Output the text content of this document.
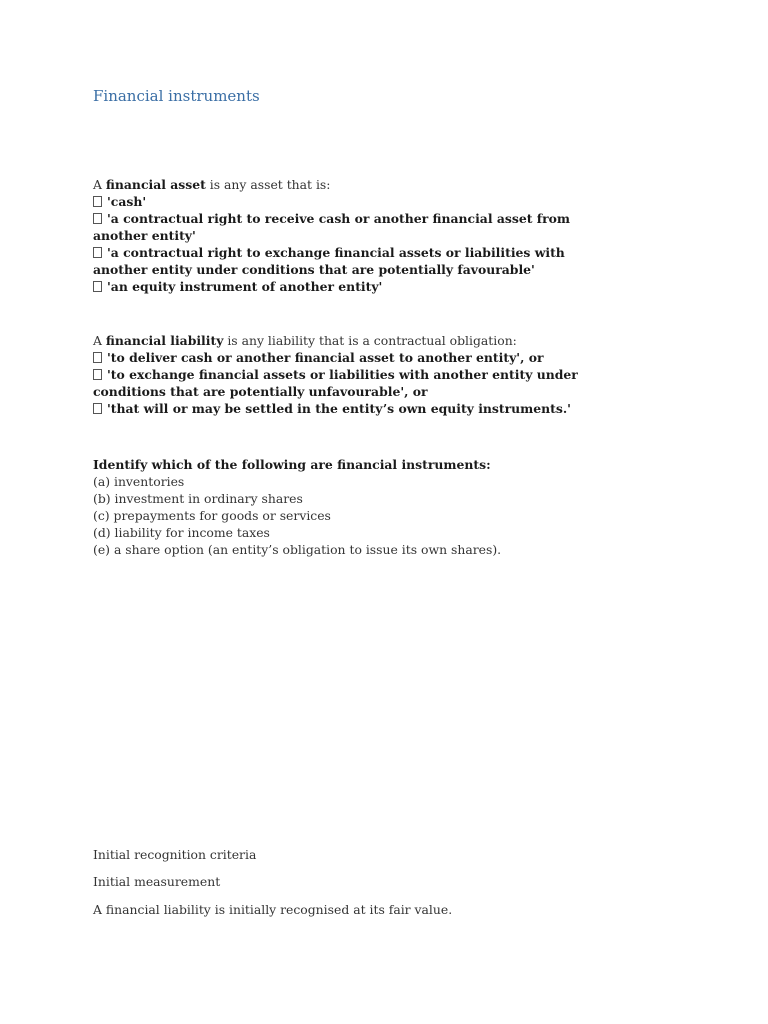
Financial instruments
A financial asset is any asset that is:
'cash'
'a contractual right to receive cash or another financial asset from
another entity'
'a contractual right to exchange financial assets or liabilities with
another entity under conditions that are potentially favourable'
'an equity instrument of another entity'
A financial liability is any liability that is a contractual obligation:
'to deliver cash or another financial asset to another entity', or
'to exchange financial assets or liabilities with another entity under
conditions that are potentially unfavourable', or
'that will or may be settled in the entity’s own equity instruments.'
Identify which of the following are financial instruments:
(a) inventories
(b) investment in ordinary shares
(c) prepayments for goods or services
(d) liability for income taxes
(e) a share option (an entity’s obligation to issue its own shares).
Initial recognition criteria
Initial measurement
A financial liability is initially recognised at its fair value.
